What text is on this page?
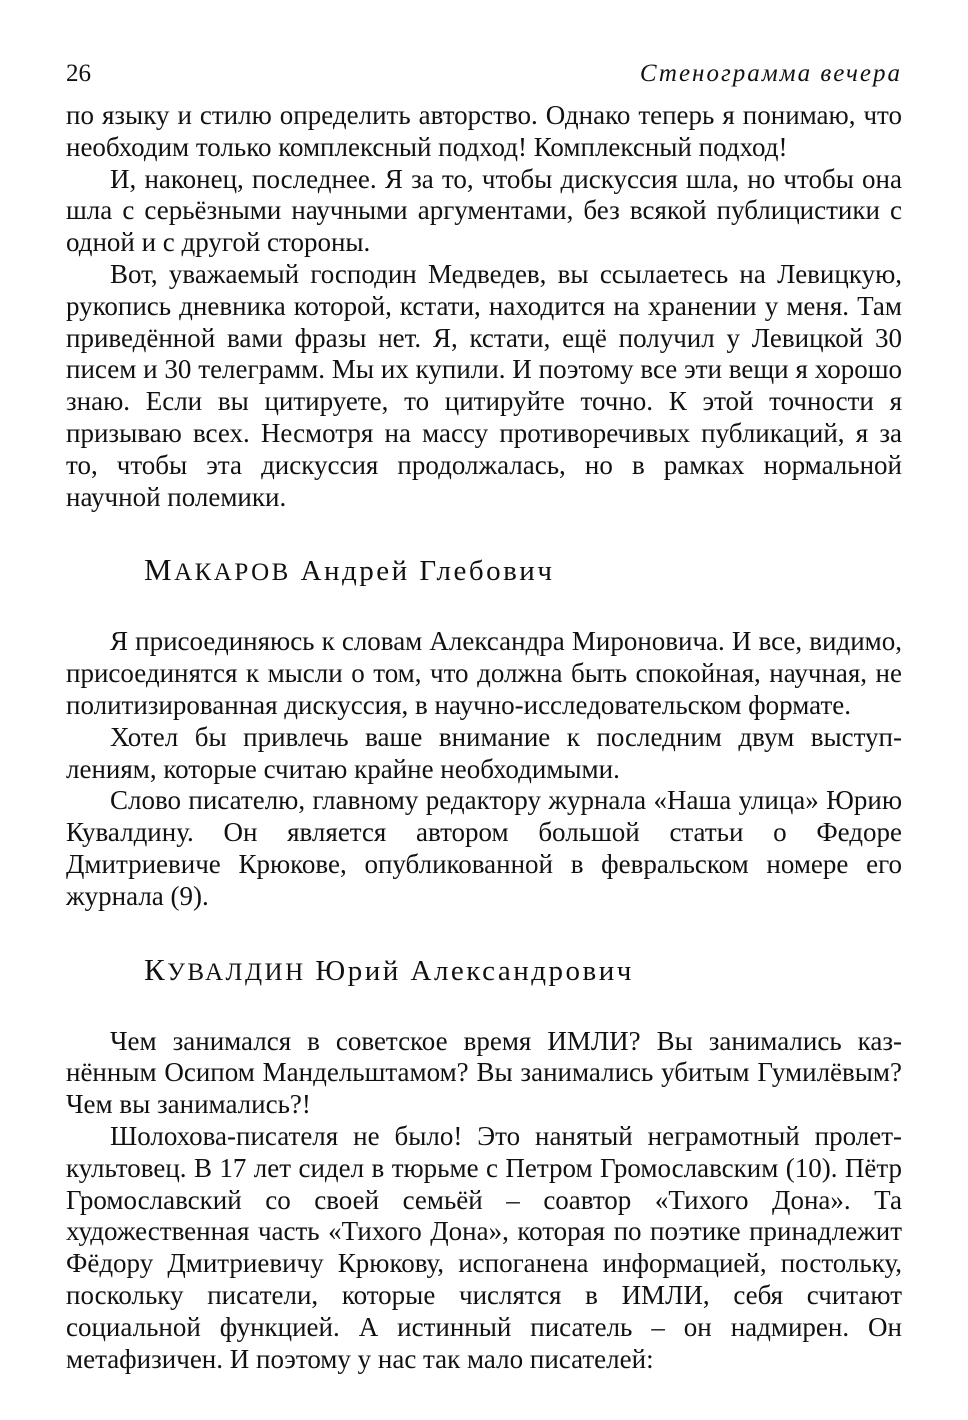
26	Стенограмма вечера

по языку и стилю определить авторство. Однако теперь я понимаю, что необходим только комплексный подход! Комплексный подход!

И, наконец, последнее. Я за то, чтобы дискуссия шла, но чтобы она шла с серьёзными научными аргументами, без всякой публицистики с одной и с другой стороны.

Вот, уважаемый господин Медведев, вы ссылаетесь на Левицкую, рукопись дневника которой, кстати, находится на хранении у меня. Там приведённой вами фразы нет. Я, кстати, ещё получил у Левицкой 30 писем и 30 телеграмм. Мы их купили. И поэтому все эти вещи я хорошо знаю. Если вы цитируете, то цитируйте точно. К этой точности я призываю всех. Несмотря на массу противоречивых публикаций, я за то, чтобы эта дискуссия продолжалась, но в рамках нормальной научной полемики.

МАКАРОВ Андрей Глебович

Я присоединяюсь к словам Александра Мироновича. И все, видимо, присоединятся к мысли о том, что должна быть спокойная, научная, не политизированная дискуссия, в научно-исследовательском формате.

Хотел бы привлечь ваше внимание к последним двум выступлениям, которые считаю крайне необходимыми.

Слово писателю, главному редактору журнала «Наша улица» Юрию Кувалдину. Он является автором большой статьи о Федоре Дмитриевиче Крюкове, опубликованной в февральском номере его журнала (9).

КУВАЛДИН Юрий Александрович

Чем занимался в советское время ИМЛИ? Вы занимались казнённым Осипом Мандельштамом? Вы занимались убитым Гумилёвым? Чем вы занимались?!

Шолохова-писателя не было! Это нанятый неграмотный пролеткультовец. В 17 лет сидел в тюрьме с Петром Громославским (10). Пётр Громославский со своей семьёй – соавтор «Тихого Дона». Та художественная часть «Тихого Дона», которая по поэтике принадлежит Фёдору Дмитриевичу Крюкову, испоганена информацией, постольку, поскольку писатели, которые числятся в ИМЛИ, себя считают социальной функцией. А истинный писатель – он надмирен. Он метафизичен. И поэтому у нас так мало писателей:
